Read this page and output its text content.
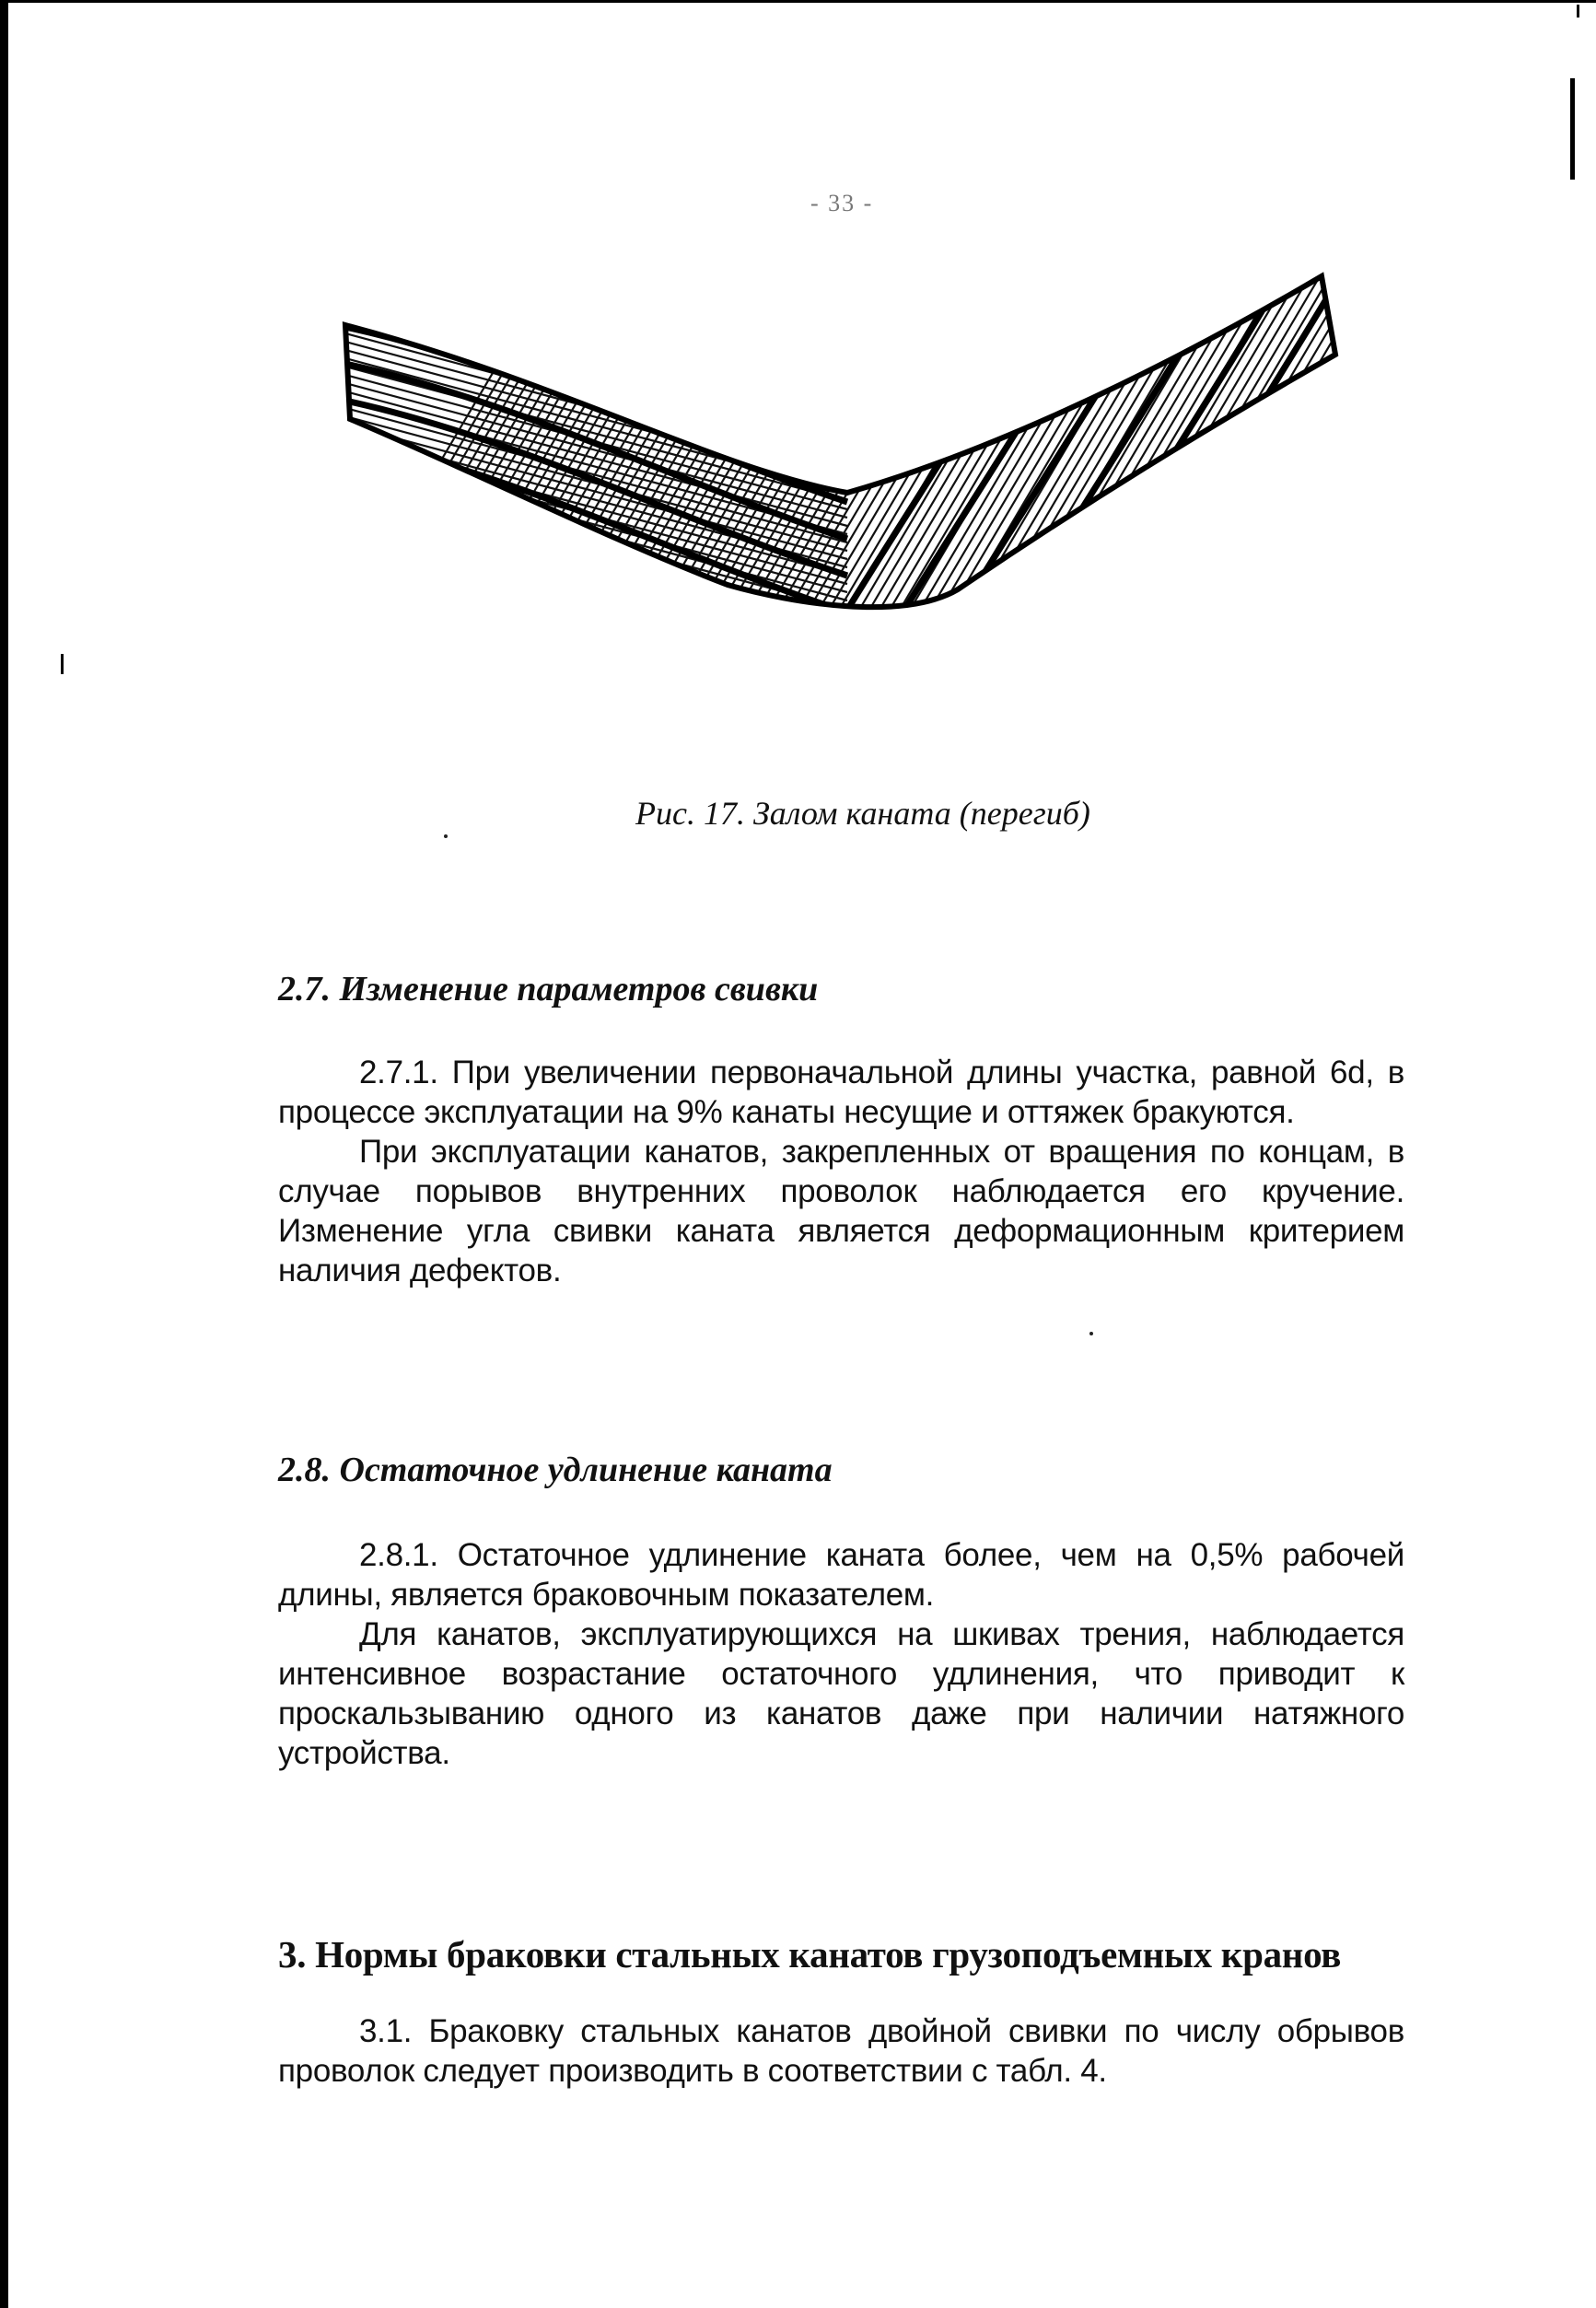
- 33 -
Рис. 17. Залом каната (перегиб)
2.7. Изменение параметров свивки
2.7.1. При увеличении первоначальной длины участка, равной 6d, в процессе эксплуатации на 9% канаты несущие и оттяжек бракуются.
При эксплуатации канатов, закрепленных от вращения по концам, в случае порывов внутренних проволок наблюдается его кручение. Изменение угла свивки каната является деформационным критерием наличия дефектов.
2.8. Остаточное удлинение каната
2.8.1. Остаточное удлинение каната более, чем на 0,5% рабочей длины, является браковочным показателем.
Для канатов, эксплуатирующихся на шкивах трения, наблюдается интенсивное возрастание остаточного удлинения, что приводит к проскальзыванию одного из канатов даже при наличии натяжного устройства.
3. Нормы браковки стальных канатов грузоподъемных кранов
3.1. Браковку стальных канатов двойной свивки по числу обрывов проволок следует производить в соответствии с табл. 4.
